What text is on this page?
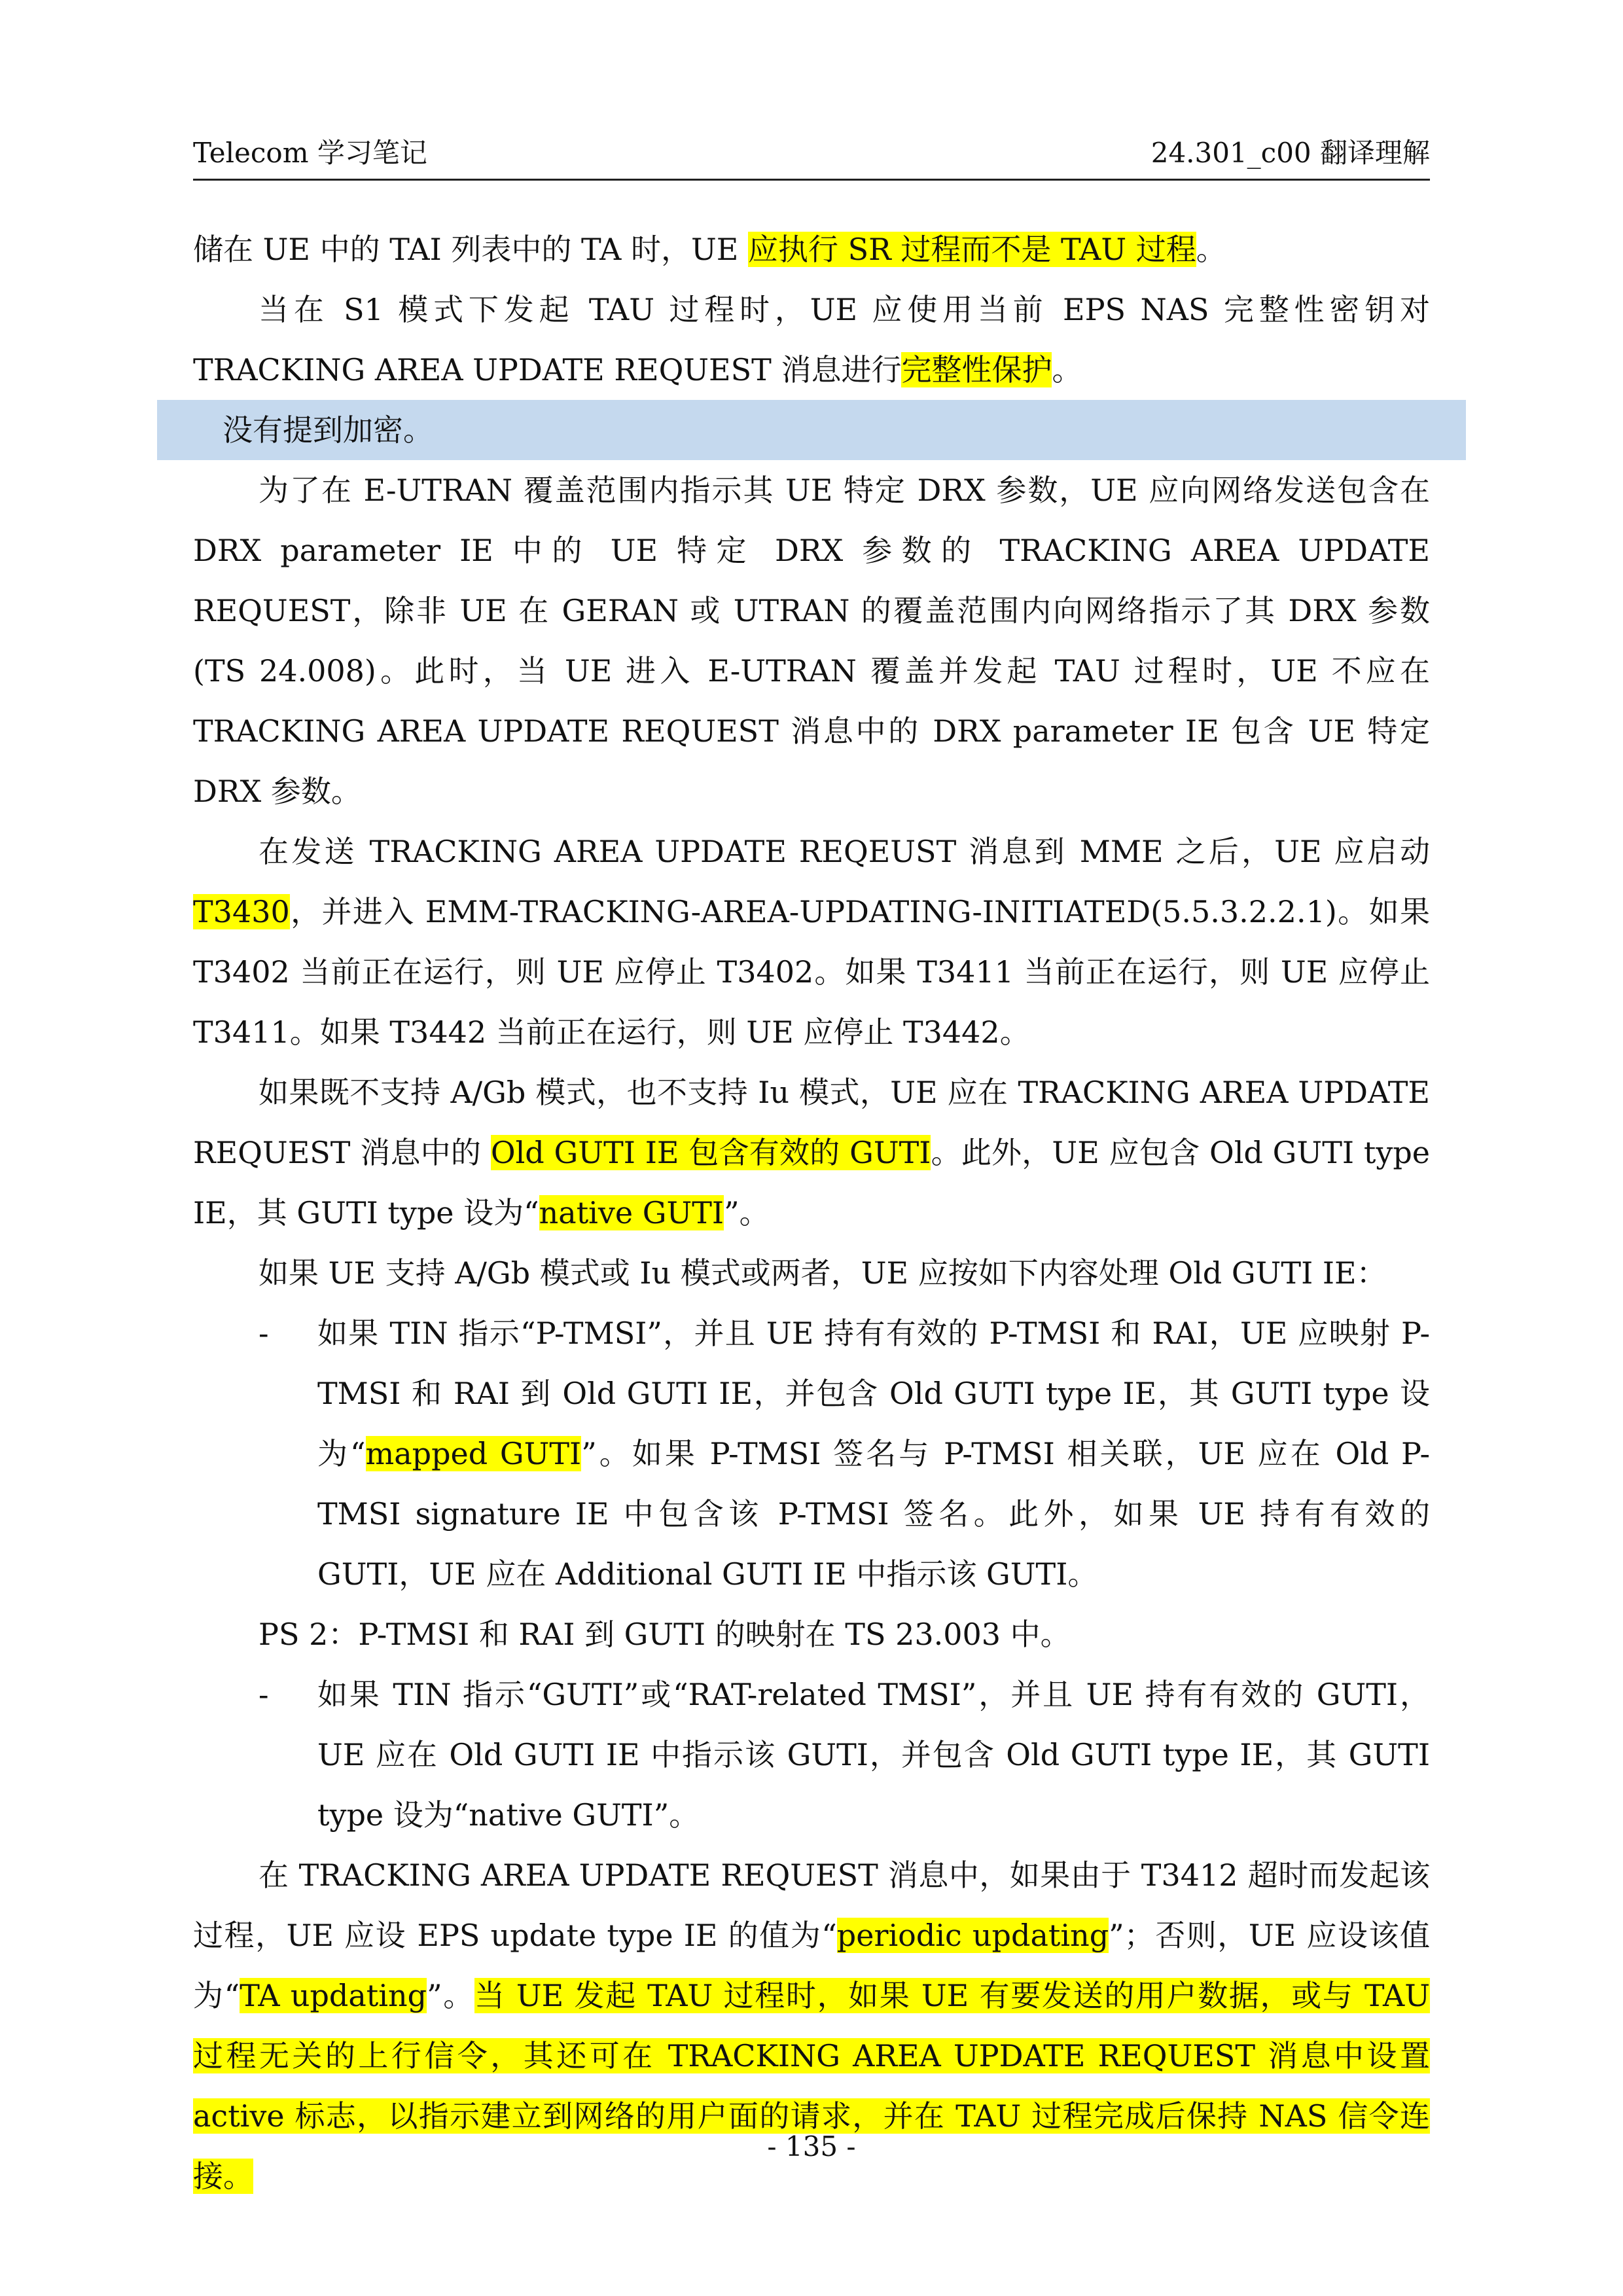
Telecom 学习笔记	24.301_c00 翻译理解

储在 UE 中的 TAI 列表中的 TA 时，UE 应执行 SR 过程而不是 TAU 过程。

当在 S1 模式下发起 TAU 过程时，UE 应使用当前 EPS NAS 完整性密钥对 TRACKING AREA UPDATE REQUEST 消息进行完整性保护。

没有提到加密。

为了在 E-UTRAN 覆盖范围内指示其 UE 特定 DRX 参数，UE 应向网络发送包含在 DRX parameter IE 中的 UE 特定 DRX 参数的 TRACKING AREA UPDATE REQUEST，除非 UE 在 GERAN 或 UTRAN 的覆盖范围内向网络指示了其 DRX 参数(TS 24.008)。此时，当 UE 进入 E-UTRAN 覆盖并发起 TAU 过程时，UE 不应在 TRACKING AREA UPDATE REQUEST 消息中的 DRX parameter IE 包含 UE 特定 DRX 参数。

在发送 TRACKING AREA UPDATE REQEUST 消息到 MME 之后，UE 应启动 T3430，并进入 EMM-TRACKING-AREA-UPDATING-INITIATED(5.5.3.2.2.1)。如果 T3402 当前正在运行，则 UE 应停止 T3402。如果 T3411 当前正在运行，则 UE 应停止 T3411。如果 T3442 当前正在运行，则 UE 应停止 T3442。

如果既不支持 A/Gb 模式，也不支持 Iu 模式，UE 应在 TRACKING AREA UPDATE REQUEST 消息中的 Old GUTI IE 包含有效的 GUTI。此外，UE 应包含 Old GUTI type IE，其 GUTI type 设为“native GUTI”。

如果 UE 支持 A/Gb 模式或 Iu 模式或两者，UE 应按如下内容处理 Old GUTI IE：

- 如果 TIN 指示“P-TMSI”，并且 UE 持有有效的 P-TMSI 和 RAI，UE 应映射 P-TMSI 和 RAI 到 Old GUTI IE，并包含 Old GUTI type IE，其 GUTI type 设为“mapped GUTI”。如果 P-TMSI 签名与 P-TMSI 相关联，UE 应在 Old P-TMSI signature IE 中包含该 P-TMSI 签名。此外，如果 UE 持有有效的 GUTI，UE 应在 Additional GUTI IE 中指示该 GUTI。

PS 2：P-TMSI 和 RAI 到 GUTI 的映射在 TS 23.003 中。

- 如果 TIN 指示“GUTI”或“RAT-related TMSI”，并且 UE 持有有效的 GUTI，UE 应在 Old GUTI IE 中指示该 GUTI，并包含 Old GUTI type IE，其 GUTI type 设为“native GUTI”。

在 TRACKING AREA UPDATE REQUEST 消息中，如果由于 T3412 超时而发起该过程，UE 应设 EPS update type IE 的值为“periodic updating”；否则，UE 应设该值为“TA updating”。当 UE 发起 TAU 过程时，如果 UE 有要发送的用户数据，或与 TAU 过程无关的上行信令，其还可在 TRACKING AREA UPDATE REQUEST 消息中设置 active 标志，以指示建立到网络的用户面的请求，并在 TAU 过程完成后保持 NAS 信令连接。

- 135 -
